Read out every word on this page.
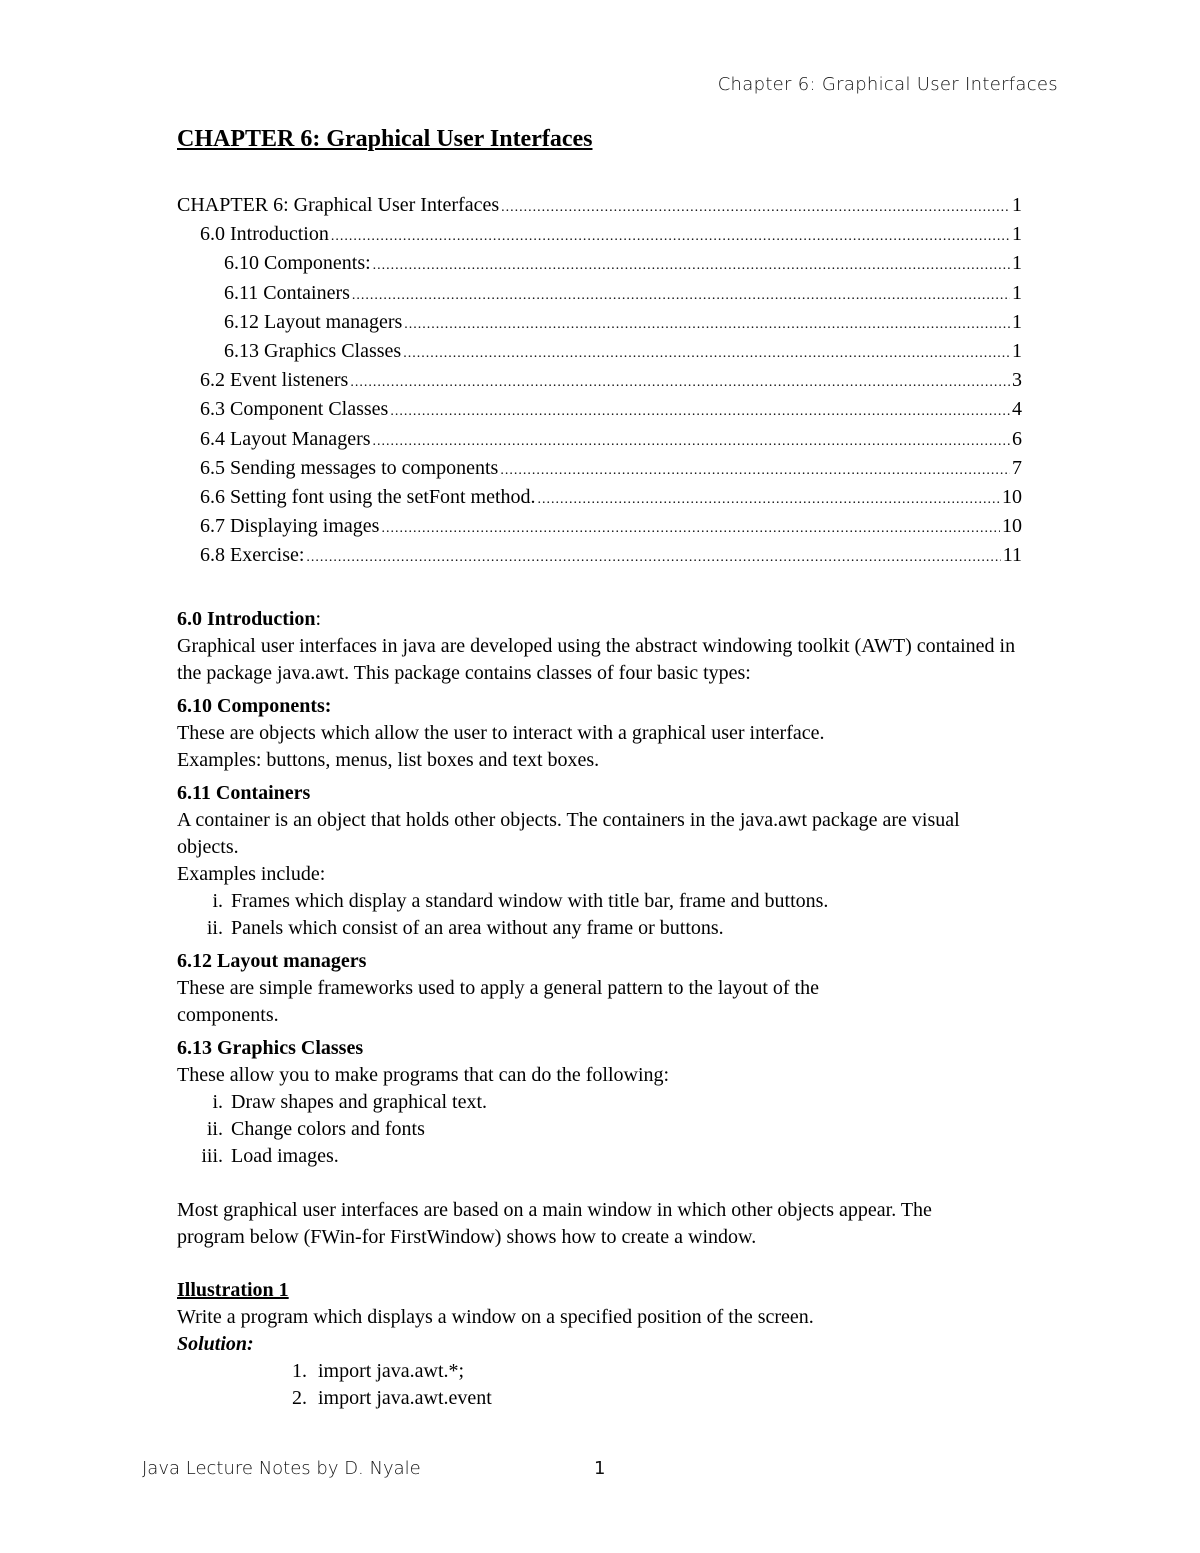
Chapter 6: Graphical User Interfaces
CHAPTER 6: Graphical User Interfaces
CHAPTER 6: Graphical User Interfaces .....	1
6.0 Introduction .....	1
6.10 Components: .....	1
6.11 Containers .....	1
6.12 Layout managers .....	1
6.13 Graphics Classes .....	1
6.2 Event listeners .....	3
6.3 Component Classes .....	4
6.4 Layout Managers .....	6
6.5 Sending messages to components .....	7
6.6 Setting font using the setFont method. .....	10
6.7 Displaying images .....	10
6.8 Exercise: .....	11
6.0 Introduction:

Graphical user interfaces in java are developed using the abstract windowing toolkit (AWT) contained in the package java.awt. This package contains classes of four basic types:

6.10 Components:

These are objects which allow the user to interact with a graphical user interface.

Examples: buttons, menus, list boxes and text boxes.

6.11 Containers

A container is an object that holds other objects. The containers in the java.awt package are visual objects.

Examples include:

i. Frames which display a standard window with title bar, frame and buttons.
ii. Panels which consist of an area without any frame or buttons.
6.12 Layout managers

These are simple frameworks used to apply a general pattern to the layout of the components.

6.13 Graphics Classes

These allow you to make programs that can do the following:

i. Draw shapes and graphical text.
ii. Change colors and fonts
iii. Load images.

Most graphical user interfaces are based on a main window in which other objects appear. The program below (FWin-for FirstWindow) shows how to create a window.

Illustration 1

Write a program which displays a window on a specified position of the screen.

Solution:

1. import java.awt.*;
2. import java.awt.event
Java Lecture Notes by D. Nyale	1
